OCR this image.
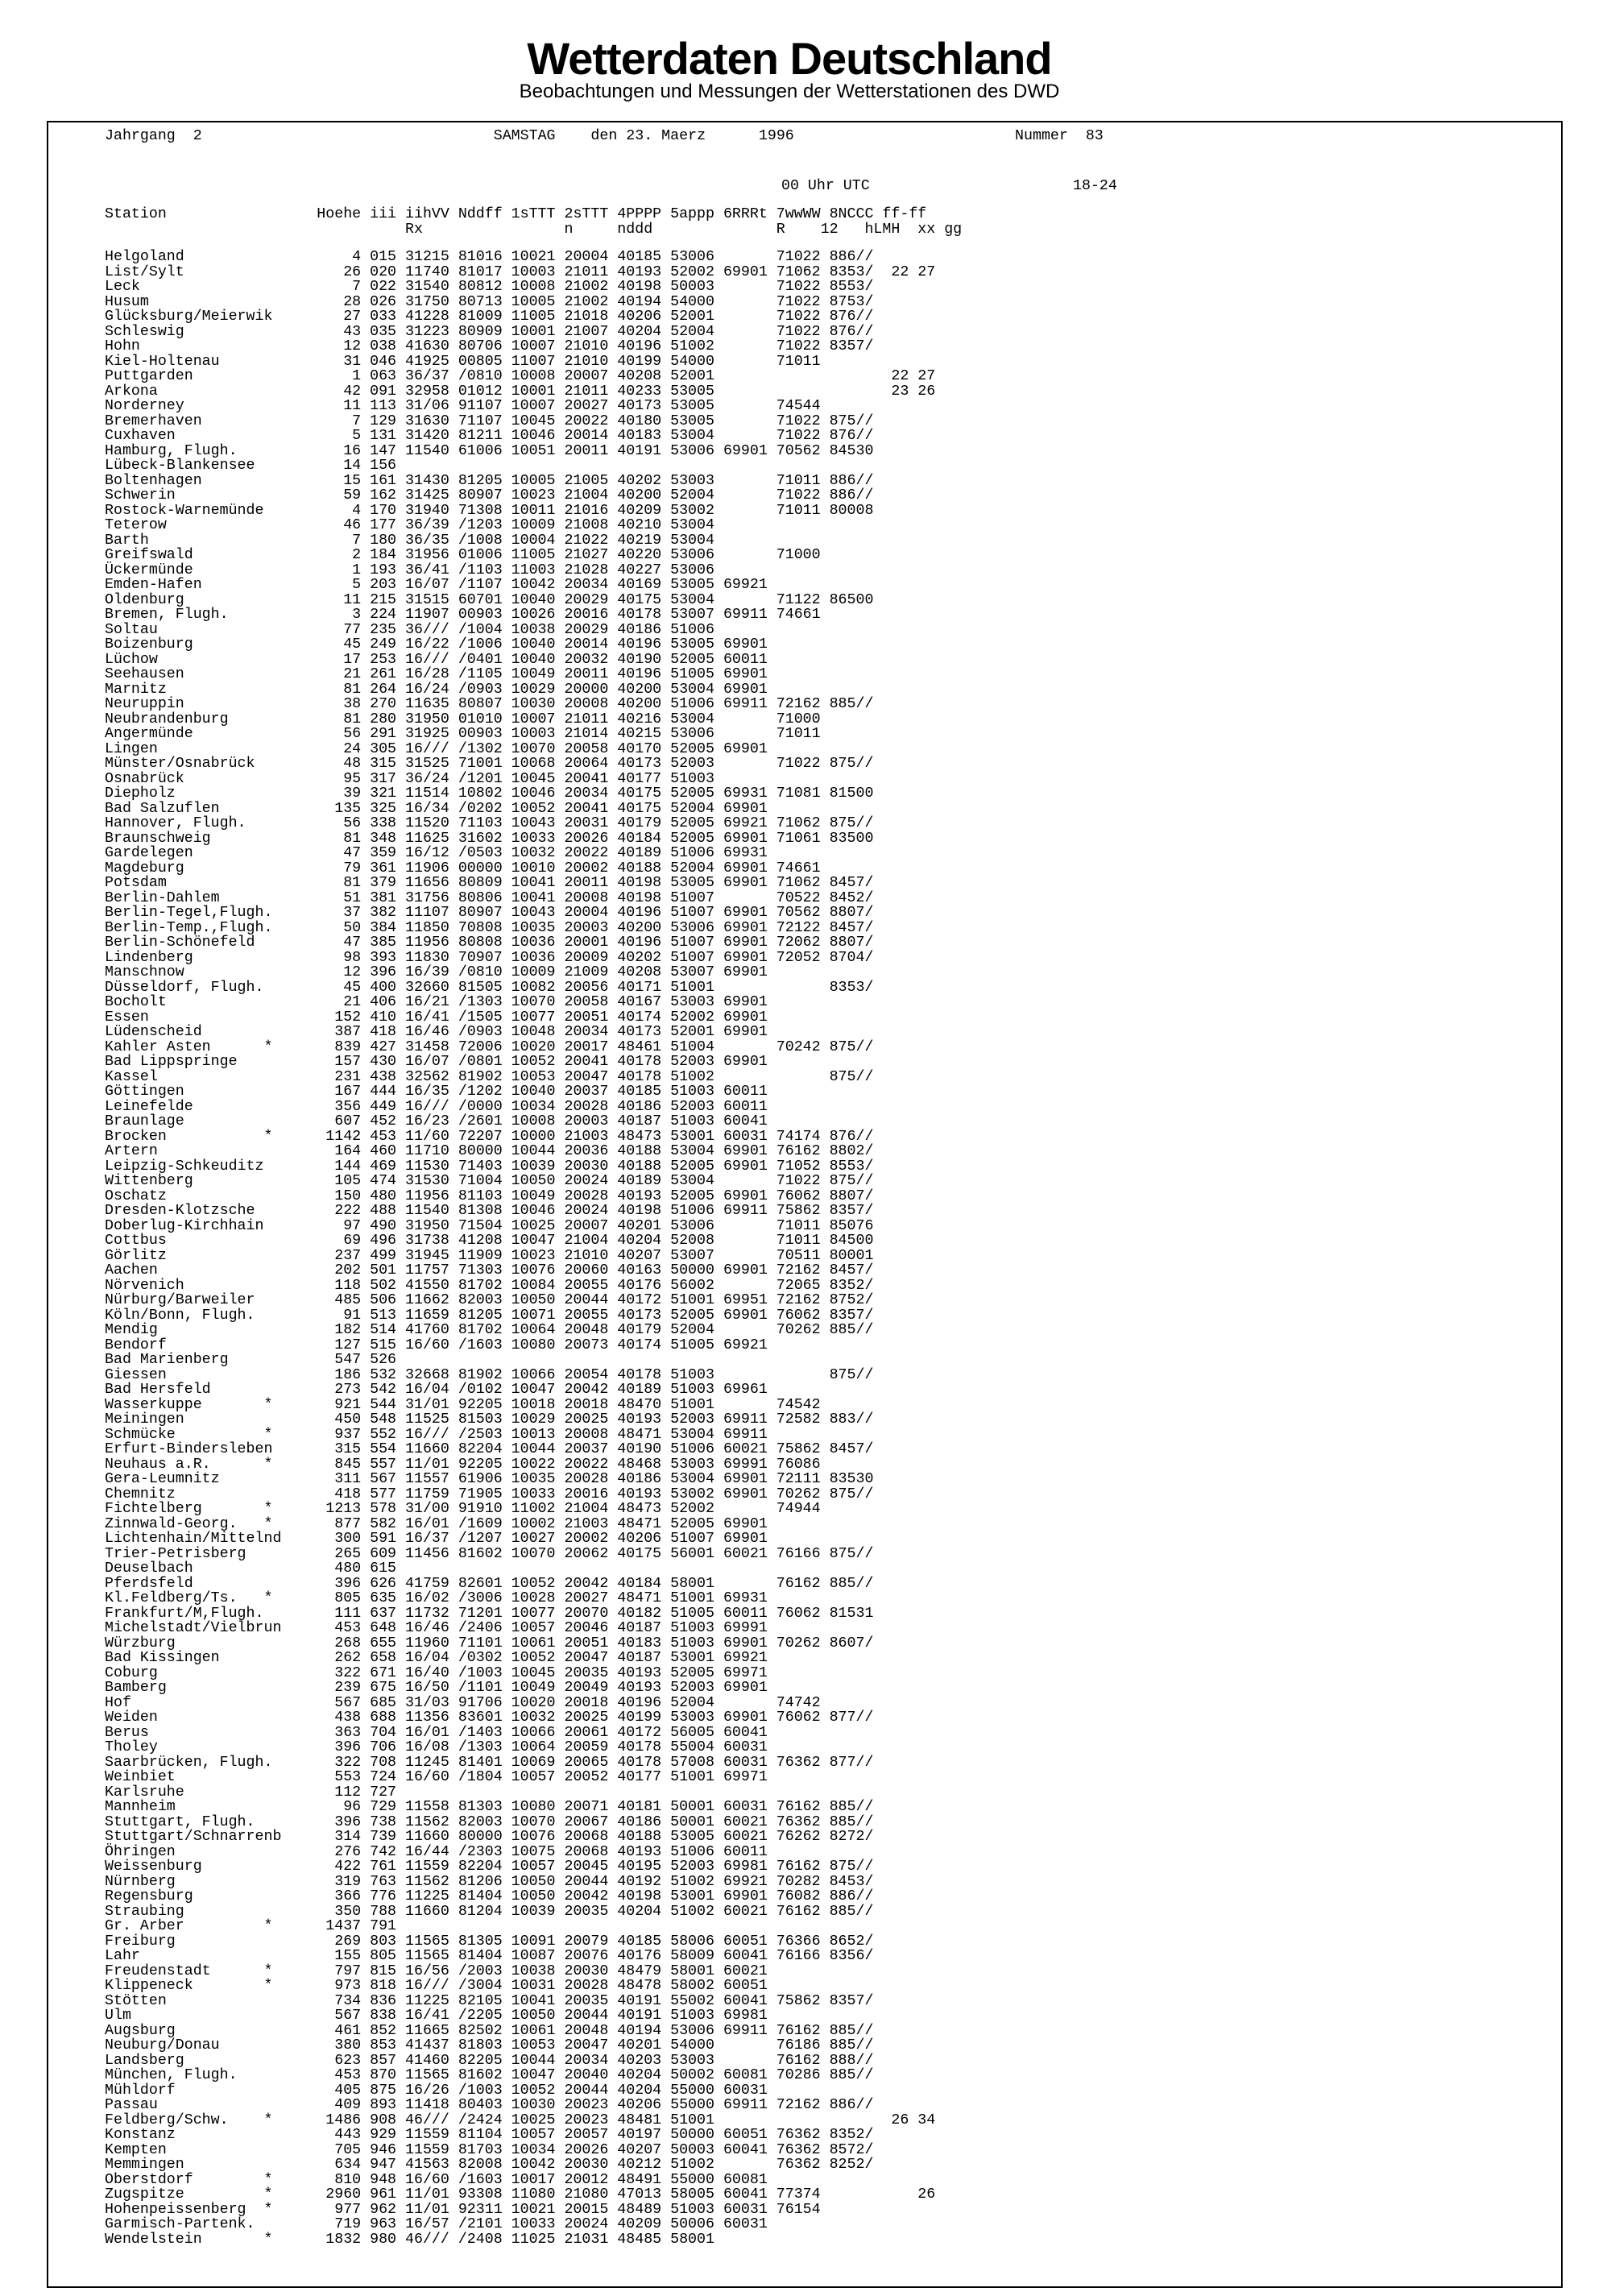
Wetterdaten Deutschland
Beobachtungen und Messungen der Wetterstationen des DWD
Jahrgang 2	SAMSTAG den 23. Maerz	1996	Nummer 83
00 Uhr UTC	18-24
Station                 Hoehe iii iihVV Nddff 1sTTT 2sTTT 4PPPP 5appp 6RRRt 7wwWW 8NCCC ff-ff
Rx                n     nddd              R    12   hLMH  xx gg
Helgoland                   4 015 31215 81016 10021 20004 40185 53006       71022 886//
List/Sylt                  26 020 11740 81017 10003 21011 40193 52002 69901 71062 8353/  22 27
Leck                        7 022 31540 80812 10008 21002 40198 50003       71022 8553/
Husum                      28 026 31750 80713 10005 21002 40194 54000       71022 8753/
Glücksburg/Meierwik        27 033 41228 81009 11005 21018 40206 52001       71022 876//
Schleswig                  43 035 31223 80909 10001 21007 40204 52004       71022 876//
Hohn                       12 038 41630 80706 10007 21010 40196 51002       71022 8357/
Kiel-Holtenau              31 046 41925 00805 11007 21010 40199 54000       71011
Puttgarden                  1 063 36/37 /0810 10008 20007 40208 52001                    22 27
Arkona                     42 091 32958 01012 10001 21011 40233 53005                    23 26
Norderney                  11 113 31/06 91107 10007 20027 40173 53005       74544
Bremerhaven                 7 129 31630 71107 10045 20022 40180 53005       71022 875//
Cuxhaven                    5 131 31420 81211 10046 20014 40183 53004       71022 876//
Hamburg, Flugh.            16 147 11540 61006 10051 20011 40191 53006 69901 70562 84530
Lübeck-Blankensee          14 156
Boltenhagen                15 161 31430 81205 10005 21005 40202 53003       71011 886//
Schwerin                   59 162 31425 80907 10023 21004 40200 52004       71022 886//
Rostock-Warnemünde          4 170 31940 71308 10011 21016 40209 53002       71011 80008
Teterow                    46 177 36/39 /1203 10009 21008 40210 53004
Barth                       7 180 36/35 /1008 10004 21022 40219 53004
Greifswald                  2 184 31956 01006 11005 21027 40220 53006       71000
Ückermünde                  1 193 36/41 /1103 11003 21028 40227 53006
Emden-Hafen                 5 203 16/07 /1107 10042 20034 40169 53005 69921
Oldenburg                  11 215 31515 60701 10040 20029 40175 53004       71122 86500
Bremen, Flugh.              3 224 11907 00903 10026 20016 40178 53007 69911 74661
Soltau                     77 235 36/// /1004 10038 20029 40186 51006
Boizenburg                 45 249 16/22 /1006 10040 20014 40196 53005 69901
Lüchow                     17 253 16/// /0401 10040 20032 40190 52005 60011
Seehausen                  21 261 16/28 /1105 10049 20011 40196 51005 69901
Marnitz                    81 264 16/24 /0903 10029 20000 40200 53004 69901
Neuruppin                  38 270 11635 80807 10030 20008 40200 51006 69911 72162 885//
Neubrandenburg             81 280 31950 01010 10007 21011 40216 53004       71000
Angermünde                 56 291 31925 00903 10003 21014 40215 53006       71011
Lingen                     24 305 16/// /1302 10070 20058 40170 52005 69901
Münster/Osnabrück          48 315 31525 71001 10068 20064 40173 52003       71022 875//
Osnabrück                  95 317 36/24 /1201 10045 20041 40177 51003
Diepholz                   39 321 11514 10802 10046 20034 40175 52005 69931 71081 81500
Bad Salzuflen             135 325 16/34 /0202 10052 20041 40175 52004 69901
Hannover, Flugh.           56 338 11520 71103 10043 20031 40179 52005 69921 71062 875//
Braunschweig               81 348 11625 31602 10033 20026 40184 52005 69901 71061 83500
Gardelegen                 47 359 16/12 /0503 10032 20022 40189 51006 69931
Magdeburg                  79 361 11906 00000 10010 20002 40188 52004 69901 74661
Potsdam                    81 379 11656 80809 10041 20011 40198 53005 69901 71062 8457/
Berlin-Dahlem              51 381 31756 80806 10041 20008 40198 51007       70522 8452/
Berlin-Tegel,Flugh.        37 382 11107 80907 10043 20004 40196 51007 69901 70562 8807/
Berlin-Temp.,Flugh.        50 384 11850 70808 10035 20003 40200 53006 69901 72122 8457/
Berlin-Schönefeld          47 385 11956 80808 10036 20001 40196 51007 69901 72062 8807/
Lindenberg                 98 393 11830 70907 10036 20009 40202 51007 69901 72052 8704/
Manschnow                  12 396 16/39 /0810 10009 21009 40208 53007 69901
Düsseldorf, Flugh.         45 400 32660 81505 10082 20056 40171 51001             8353/
Bocholt                    21 406 16/21 /1303 10070 20058 40167 53003 69901
Essen                     152 410 16/41 /1505 10077 20051 40174 52002 69901
Lüdenscheid               387 418 16/46 /0903 10048 20034 40173 52001 69901
Kahler Asten      *       839 427 31458 72006 10020 20017 48461 51004       70242 875//
Bad Lippspringe           157 430 16/07 /0801 10052 20041 40178 52003 69901
Kassel                    231 438 32562 81902 10053 20047 40178 51002             875//
Göttingen                 167 444 16/35 /1202 10040 20037 40185 51003 60011
Leinefelde                356 449 16/// /0000 10034 20028 40186 52003 60011
Braunlage                 607 452 16/23 /2601 10008 20003 40187 51003 60041
Brocken           *      1142 453 11/60 72207 10000 21003 48473 53001 60031 74174 876//
Artern                    164 460 11710 80000 10044 20036 40188 53004 69901 76162 8802/
Leipzig-Schkeuditz        144 469 11530 71403 10039 20030 40188 52005 69901 71052 8553/
Wittenberg                105 474 31530 71004 10050 20024 40189 53004       71022 875//
Oschatz                   150 480 11956 81103 10049 20028 40193 52005 69901 76062 8807/
Dresden-Klotzsche         222 488 11540 81308 10046 20024 40198 51006 69911 75862 8357/
Doberlug-Kirchhain         97 490 31950 71504 10025 20007 40201 53006       71011 85076
Cottbus                    69 496 31738 41208 10047 21004 40204 52008       71011 84500
Görlitz                   237 499 31945 11909 10023 21010 40207 53007       70511 80001
Aachen                    202 501 11757 71303 10076 20060 40163 50000 69901 72162 8457/
Nörvenich                 118 502 41550 81702 10084 20055 40176 56002       72065 8352/
Nürburg/Barweiler         485 506 11662 82003 10050 20044 40172 51001 69951 72162 8752/
Köln/Bonn, Flugh.          91 513 11659 81205 10071 20055 40173 52005 69901 76062 8357/
Mendig                    182 514 41760 81702 10064 20048 40179 52004       70262 885//
Bendorf                   127 515 16/60 /1603 10080 20073 40174 51005 69921
Bad Marienberg            547 526
Giessen                   186 532 32668 81902 10066 20054 40178 51003             875//
Bad Hersfeld              273 542 16/04 /0102 10047 20042 40189 51003 69961
Wasserkuppe       *       921 544 31/01 92205 10018 20018 48470 51001       74542
Meiningen                 450 548 11525 81503 10029 20025 40193 52003 69911 72582 883//
Schmücke          *       937 552 16/// /2503 10013 20008 48471 53004 69911
Erfurt-Bindersleben       315 554 11660 82204 10044 20037 40190 51006 60021 75862 8457/
Neuhaus a.R.      *       845 557 11/01 92205 10022 20022 48468 53003 69991 76086
Gera-Leumnitz             311 567 11557 61906 10035 20028 40186 53004 69901 72111 83530
Chemnitz                  418 577 11759 71905 10033 20016 40193 53002 69901 70262 875//
Fichtelberg       *      1213 578 31/00 91910 11002 21004 48473 52002       74944
Zinnwald-Georg.   *       877 582 16/01 /1609 10002 21003 48471 52005 69901
Lichtenhain/Mittelnd      300 591 16/37 /1207 10027 20002 40206 51007 69901
Trier-Petrisberg          265 609 11456 81602 10070 20062 40175 56001 60021 76166 875//
Deuselbach                480 615
Pferdsfeld                396 626 41759 82601 10052 20042 40184 58001       76162 885//
Kl.Feldberg/Ts.   *       805 635 16/02 /3006 10028 20027 48471 51001 69931
Frankfurt/M,Flugh.        111 637 11732 71201 10077 20070 40182 51005 60011 76062 81531
Michelstadt/Vielbrun      453 648 16/46 /2406 10057 20046 40187 51003 69991
Würzburg                  268 655 11960 71101 10061 20051 40183 51003 69901 70262 8607/
Bad Kissingen             262 658 16/04 /0302 10052 20047 40187 53001 69921
Coburg                    322 671 16/40 /1003 10045 20035 40193 52005 69971
Bamberg                   239 675 16/50 /1101 10049 20049 40193 52003 69901
Hof                       567 685 31/03 91706 10020 20018 40196 52004       74742
Weiden                    438 688 11356 83601 10032 20025 40199 53003 69901 76062 877//
Berus                     363 704 16/01 /1403 10066 20061 40172 56005 60041
Tholey                    396 706 16/08 /1303 10064 20059 40178 55004 60031
Saarbrücken, Flugh.       322 708 11245 81401 10069 20065 40178 57008 60031 76362 877//
Weinbiet                  553 724 16/60 /1804 10057 20052 40177 51001 69971
Karlsruhe                 112 727
Mannheim                   96 729 11558 81303 10080 20071 40181 50001 60031 76162 885//
Stuttgart, Flugh.         396 738 11562 82003 10070 20067 40186 50001 60021 76362 885//
Stuttgart/Schnarrenb      314 739 11660 80000 10076 20068 40188 53005 60021 76262 8272/
Öhringen                  276 742 16/44 /2303 10075 20068 40193 51006 60011
Weissenburg               422 761 11559 82204 10057 20045 40195 52003 69981 76162 875//
Nürnberg                  319 763 11562 81206 10050 20044 40192 51002 69921 70282 8453/
Regensburg                366 776 11225 81404 10050 20042 40198 53001 69901 76082 886//
Straubing                 350 788 11660 81204 10039 20035 40204 51002 60021 76162 885//
Gr. Arber         *      1437 791
Freiburg                  269 803 11565 81305 10091 20079 40185 58006 60051 76366 8652/
Lahr                      155 805 11565 81404 10087 20076 40176 58009 60041 76166 8356/
Freudenstadt      *       797 815 16/56 /2003 10038 20030 48479 58001 60021
Klippeneck        *       973 818 16/// /3004 10031 20028 48478 58002 60051
Stötten                   734 836 11225 82105 10041 20035 40191 55002 60041 75862 8357/
Ulm                       567 838 16/41 /2205 10050 20044 40191 51003 69981
Augsburg                  461 852 11665 82502 10061 20048 40194 53006 69911 76162 885//
Neuburg/Donau             380 853 41437 81803 10053 20047 40201 54000       76186 885//
Landsberg                 623 857 41460 82205 10044 20034 40203 53003       76162 888//
München, Flugh.           453 870 11565 81602 10047 20040 40204 50002 60081 70286 885//
Mühldorf                  405 875 16/26 /1003 10052 20044 40204 55000 60031
Passau                    409 893 11418 80403 10030 20023 40206 55000 69911 72162 886//
Feldberg/Schw.    *      1486 908 46/// /2424 10025 20023 48481 51001                    26 34
Konstanz                  443 929 11559 81104 10057 20057 40197 50000 60051 76362 8352/
Kempten                   705 946 11559 81703 10034 20026 40207 50003 60041 76362 8572/
Memmingen                 634 947 41563 82008 10042 20030 40212 51002       76362 8252/
Oberstdorf        *       810 948 16/60 /1603 10017 20012 48491 55000 60081
Zugspitze         *      2960 961 11/01 93308 11080 21080 47013 58005 60041 77374           26
Hohenpeissenberg  *       977 962 11/01 92311 10021 20015 48489 51003 60031 76154
Garmisch-Partenk.         719 963 16/57 /2101 10033 20024 40209 50006 60031
Wendelstein       *      1832 980 46/// /2408 11025 21031 48485 58001
